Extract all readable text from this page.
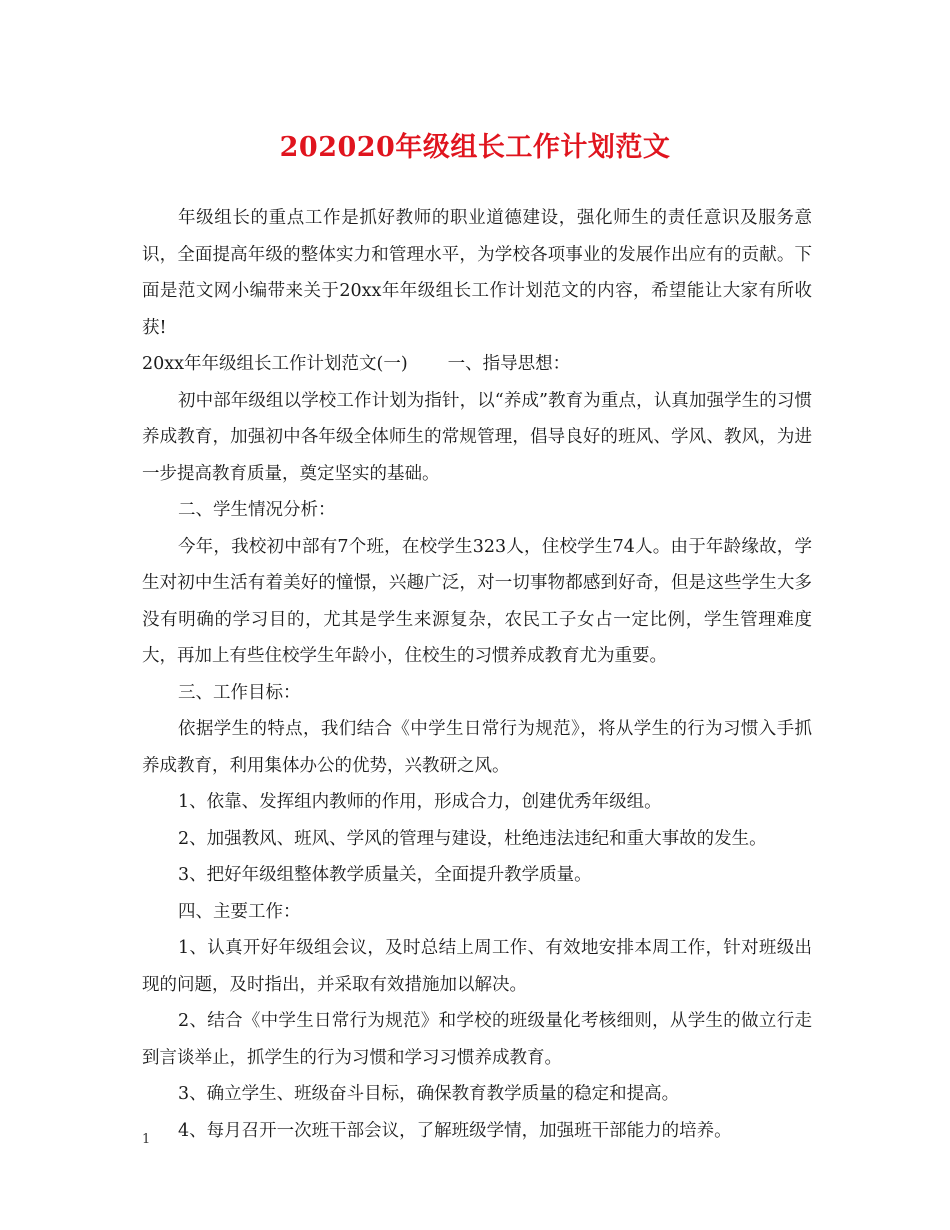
202020年级组长工作计划范文

年级组长的重点工作是抓好教师的职业道德建设，强化师生的责任意识及服务意识，全面提高年级的整体实力和管理水平，为学校各项事业的发展作出应有的贡献。下面是范文网小编带来关于20xx年年级组长工作计划范文的内容，希望能让大家有所收获!

20xx年年级组长工作计划范文(一) 一、指导思想：

初中部年级组以学校工作计划为指针，以“养成”教育为重点，认真加强学生的习惯养成教育，加强初中各年级全体师生的常规管理，倡导良好的班风、学风、教风，为进一步提高教育质量，奠定坚实的基础。

二、学生情况分析：

今年，我校初中部有7个班，在校学生323人，住校学生74人。由于年龄缘故，学生对初中生活有着美好的憧憬，兴趣广泛，对一切事物都感到好奇，但是这些学生大多没有明确的学习目的，尤其是学生来源复杂，农民工子女占一定比例，学生管理难度大，再加上有些住校学生年龄小，住校生的习惯养成教育尤为重要。

三、工作目标：

依据学生的特点，我们结合《中学生日常行为规范》，将从学生的行为习惯入手抓养成教育，利用集体办公的优势，兴教研之风。

1、依靠、发挥组内教师的作用，形成合力，创建优秀年级组。

2、加强教风、班风、学风的管理与建设，杜绝违法违纪和重大事故的发生。

3、把好年级组整体教学质量关，全面提升教学质量。

四、主要工作：

1、认真开好年级组会议，及时总结上周工作、有效地安排本周工作，针对班级出现的问题，及时指出，并采取有效措施加以解决。

2、结合《中学生日常行为规范》和学校的班级量化考核细则，从学生的做立行走到言谈举止，抓学生的行为习惯和学习习惯养成教育。

3、确立学生、班级奋斗目标，确保教育教学质量的稳定和提高。

4、每月召开一次班干部会议，了解班级学情，加强班干部能力的培养。

1
